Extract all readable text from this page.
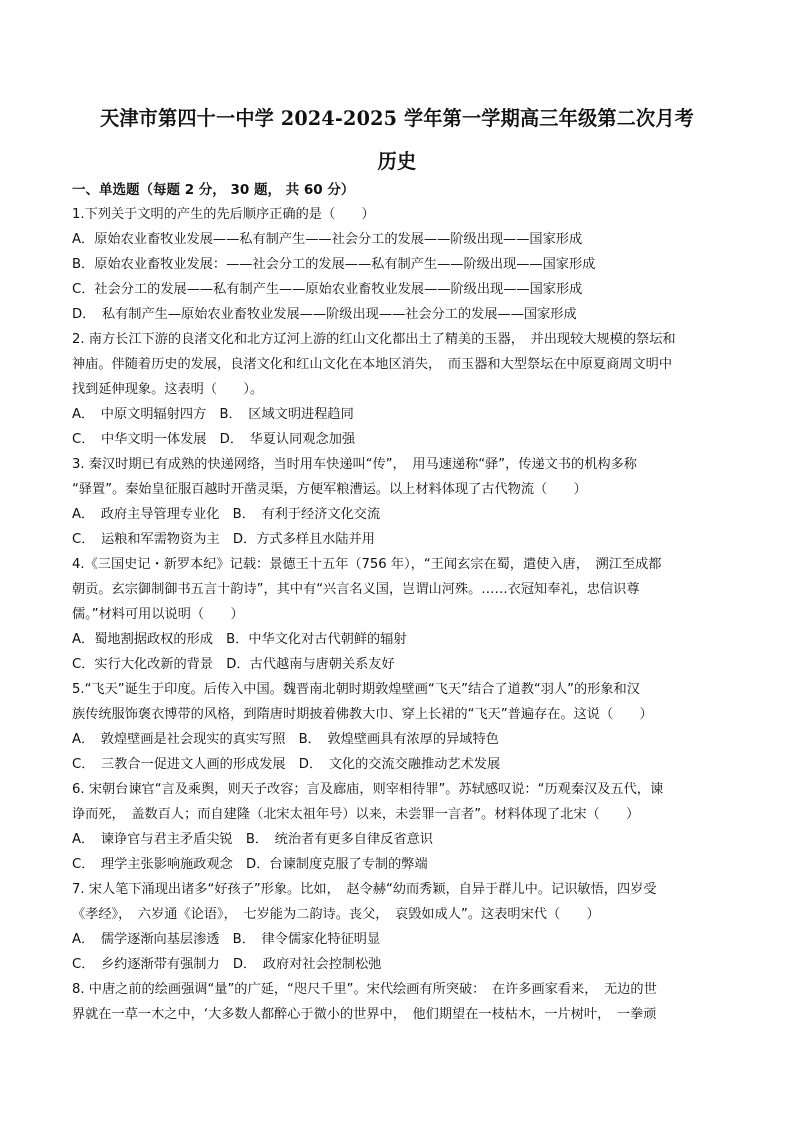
天津市第四十一中学 2024-2025 学年第一学期高三年级第二次月考
历史
一、单选题（每题 2 分， 30 题， 共 60 分）
1.下列关于文明的产生的先后顺序正确的是（　　）
A．原始农业畜牧业发展——私有制产生——社会分工的发展——阶级出现——国家形成
B．原始农业畜牧业发展：——社会分工的发展——私有制产生——阶级出现——国家形成
C．社会分工的发展——私有制产生——原始农业畜牧业发展——阶级出现——国家形成
D．　私有制产生—原始农业畜牧业发展——阶级出现——社会分工的发展——国家形成
2. 南方长江下游的良渚文化和北方辽河上游的红山文化都出土了精美的玉器，　并出现较大规模的祭坛和
神庙。伴随着历史的发展，良渚文化和红山文化在本地区消失，　而玉器和大型祭坛在中原夏商周文明中
找到延伸现象。这表明（　　）。
A．　中原文明辐射四方　B．　区域文明进程趋同
C．　中华文明一体发展　D．　华夏认同观念加强
3. 秦汉时期已有成熟的快递网络，当时用车快递叫“传”，　用马速递称“驿”，传递文书的机构多称
“驿置”。秦始皇征服百越时开凿灵渠，方便军粮漕运。以上材料体现了古代物流（　　）
A．　政府主导管理专业化　B．　有利于经济文化交流
C．　运粮和军需物资为主　D．方式多样且水陆并用
4.《三国史记・新罗本纪》记载：景德王十五年（756 年），“王闻玄宗在蜀，遣使入唐，　溯江至成都
朝贡。玄宗御制御书五言十韵诗”，其中有“兴言名义国，岂谓山河殊。……衣冠知奉礼，忠信识尊
儒。”材料可用以说明（　　）
A．蜀地割据政权的形成　B．中华文化对古代朝鲜的辐射
C．实行大化改新的背景　D．古代越南与唐朝关系友好
5.“飞天”诞生于印度。后传入中国。魏晋南北朝时期敦煌壁画“飞天”结合了道教“羽人”的形象和汉
族传统服饰褒衣博带的风格，到隋唐时期披着佛教大巾、穿上长裙的“飞天”普遍存在。这说（　　）
A．　敦煌壁画是社会现实的真实写照　B．　敦煌壁画具有浓厚的异域特色
C．　三教合一促进文人画的形成发展　D．　文化的交流交融推动艺术发展
6. 宋朝台谏官“言及乘舆，则天子改容；言及廊庙，则宰相待罪”。苏轼感叹说：“历观秦汉及五代，谏
诤而死，　盖数百人；而自建隆（北宋太祖年号）以来，未尝罪一言者”。材料体现了北宋（　　）
A．　谏诤官与君主矛盾尖锐　B．　统治者有更多自律反省意识
C．　理学主张影响施政观念　D．台谏制度克服了专制的弊端
7. 宋人笔下涌现出诸多“好孩子”形象。比如，　赵令赫“幼而秀颖，自异于群儿中。记识敏悟，四岁受
《孝经》，　六岁通《论语》，　七岁能为二韵诗。丧父，　哀毁如成人”。这表明宋代（　　）
A．　儒学逐渐向基层渗透　B．　律令儒家化特征明显
C．　乡约逐渐带有强制力　D．　政府对社会控制松弛
8. 中唐之前的绘画强调“量”的广延，“咫尺千里”。宋代绘画有所突破：　在许多画家看来，　无边的世
界就在一草一木之中，‘大多数人都醉心于微小的世界中，　他们期望在一枝枯木，一片树叶，　一拳顽
